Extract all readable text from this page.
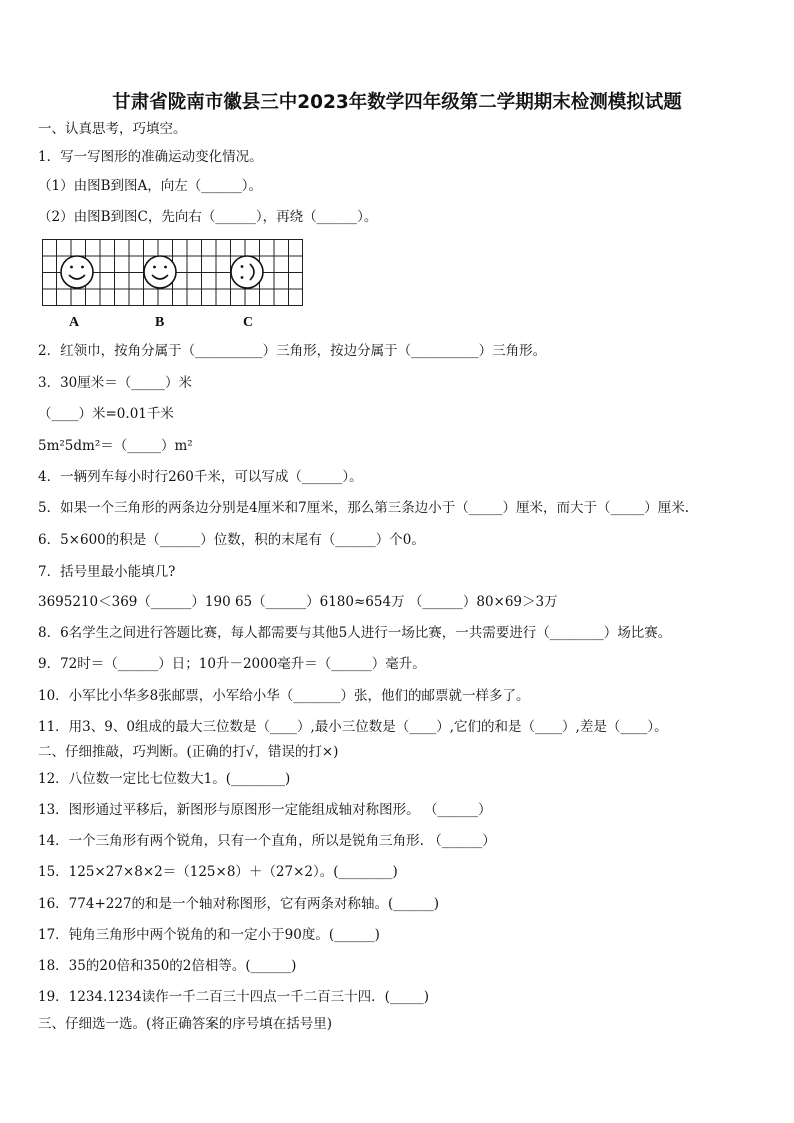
甘肃省陇南市徽县三中2023年数学四年级第二学期期末检测模拟试题
一、认真思考，巧填空。
1．写一写图形的准确运动变化情况。
（1）由图B到图A，向左（______）。
（2）由图B到图C，先向右（______），再绕（______）。
A	B	C
2．红领巾，按角分属于（__________）三角形，按边分属于（__________）三角形。
3．30厘米＝（_____）米
（____）米=0.01千米
5m²5dm²＝（_____）m²
4．一辆列车每小时行260千米，可以写成（______）。
5．如果一个三角形的两条边分别是4厘米和7厘米，那么第三条边小于（_____）厘米，而大于（_____）厘米.
6．5×600的积是（______）位数，积的末尾有（______）个0。
7．括号里最小能填几?
3695210＜369（______）190 65（______）6180≈654万 （______）80×69＞3万
8．6名学生之间进行答题比赛，每人都需要与其他5人进行一场比赛，一共需要进行（________）场比赛。
9．72时＝（______）日；10升－2000毫升＝（______）毫升。
10．小军比小华多8张邮票，小军给小华（_______）张，他们的邮票就一样多了。
11．用3、9、0组成的最大三位数是（____）,最小三位数是（____）,它们的和是（____）,差是（____）。
二、仔细推敲，巧判断。(正确的打√，错误的打×)
12．八位数一定比七位数大1。(________)
13．图形通过平移后，新图形与原图形一定能组成轴对称图形。 （______）
14．一个三角形有两个锐角，只有一个直角，所以是锐角三角形. （______）
15．125×27×8×2＝（125×8）＋（27×2）。(________)
16．774+227的和是一个轴对称图形，它有两条对称轴。(______)
17．钝角三角形中两个锐角的和一定小于90度。(______)
18．35的20倍和350的2倍相等。(______)
19．1234.1234读作一千二百三十四点一千二百三十四．(_____)
三、仔细选一选。(将正确答案的序号填在括号里)
